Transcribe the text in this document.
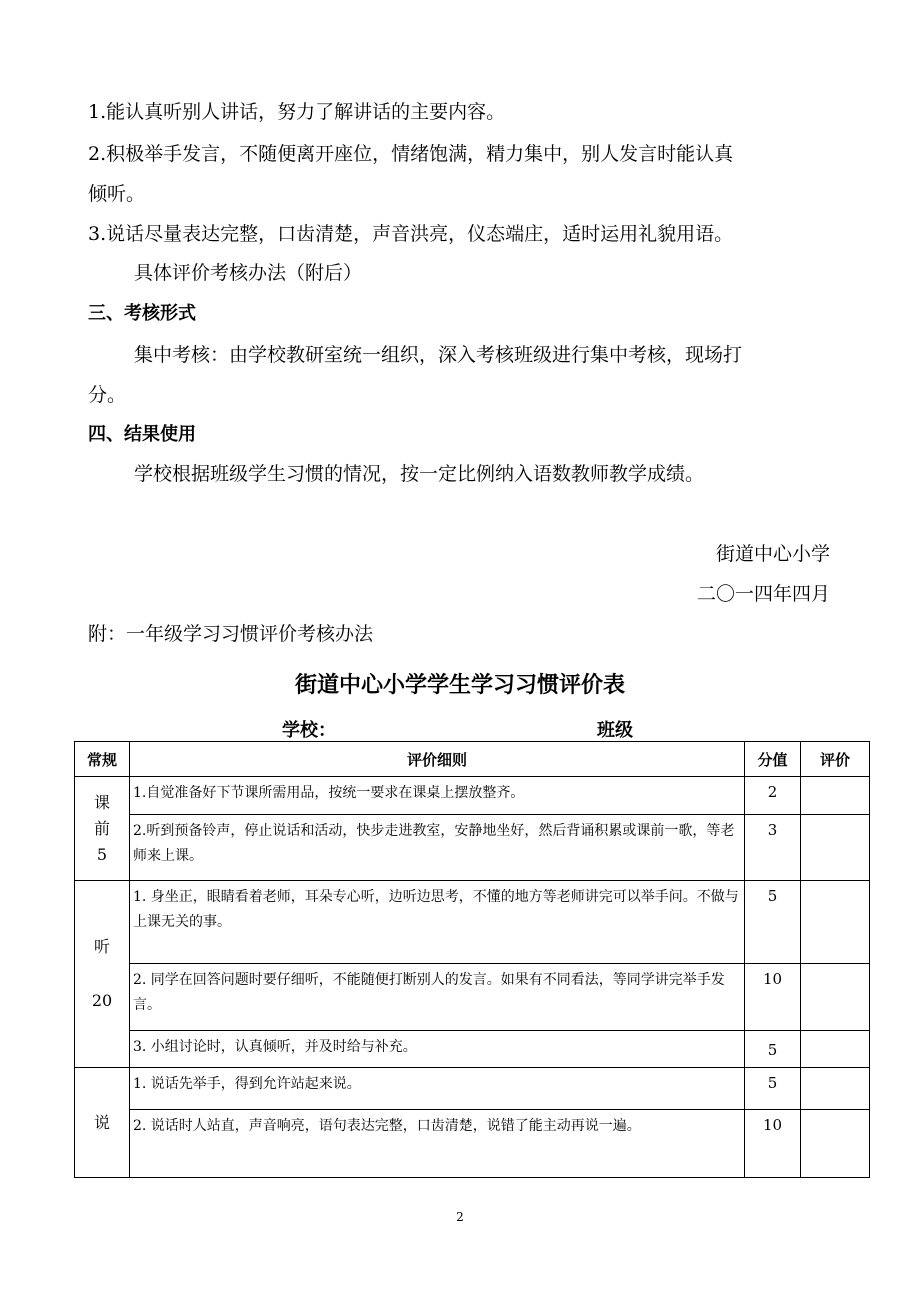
1.能认真听别人讲话，努力了解讲话的主要内容。
2.积极举手发言，不随便离开座位，情绪饱满，精力集中，别人发言时能认真
倾听。
3.说话尽量表达完整，口齿清楚，声音洪亮，仪态端庄，适时运用礼貌用语。
具体评价考核办法（附后）
三、考核形式
集中考核：由学校教研室统一组织，深入考核班级进行集中考核，现场打
分。
四、结果使用
学校根据班级学生习惯的情况，按一定比例纳入语数教师教学成绩。
街道中心小学
二〇一四年四月
附：一年级学习习惯评价考核办法
街道中心小学学生学习习惯评价表
学校：	班级
常规	评价细则	分值	评价

课
前
5	1.自觉准备好下节课所需用品，按统一要求在课桌上摆放整齐。	2	
	2.听到预备铃声，停止说话和活动，快步走进教室，安静地坐好，然后背诵积累或课前一歌，等老师来上课。	3	

听
20	1. 身坐正，眼睛看着老师，耳朵专心听，边听边思考，不懂的地方等老师讲完可以举手问。不做与上课无关的事。	5	
	2. 同学在回答问题时要仔细听，不能随便打断别人的发言。如果有不同看法，等同学讲完举手发言。	10	
	3. 小组讨论时，认真倾听，并及时给与补充。	5	

说	1. 说话先举手，得到允许站起来说。	5	
	2. 说话时人站直，声音响亮，语句表达完整，口齿清楚，说错了能主动再说一遍。	10	
2
